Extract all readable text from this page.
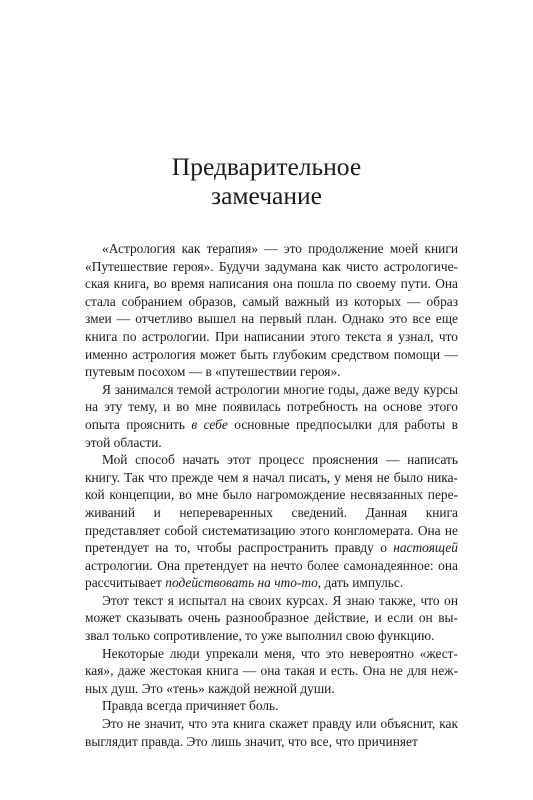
Предварительное
замечание

«Астрология как терапия» — это продолжение моей книги «Путешествие героя». Будучи задумана как чисто астрологическая книга, во время написания она пошла по своему пути. Она стала собранием образов, самый важный из которых — образ змеи — отчетливо вышел на первый план. Однако это все еще книга по астрологии. При написании этого текста я узнал, что именно астрология может быть глубоким средством помощи — путевым посохом — в «путешествии героя».

Я занимался темой астрологии многие годы, даже веду курсы на эту тему, и во мне появилась потребность на основе этого опыта прояснить в себе основные предпосылки для работы в этой области.

Мой способ начать этот процесс прояснения — написать книгу. Так что прежде чем я начал писать, у меня не было никакой концепции, во мне было нагромождение несвязанных переживаний и непереваренных сведений. Данная книга представляет собой систематизацию этого конгломерата. Она не претендует на то, чтобы распространить правду о настоящей астрологии. Она претендует на нечто более самонадеянное: она рассчитывает подействовать на что-то, дать импульс.

Этот текст я испытал на своих курсах. Я знаю также, что он может сказывать очень разнообразное действие, и если он вызвал только сопротивление, то уже выполнил свою функцию.

Некоторые люди упрекали меня, что это невероятно «жесткая», даже жестокая книга — она такая и есть. Она не для нежных душ. Это «тень» каждой нежной души.

Правда всегда причиняет боль.

Это не значит, что эта книга скажет правду или объяснит, как выглядит правда. Это лишь значит, что все, что причиняет
